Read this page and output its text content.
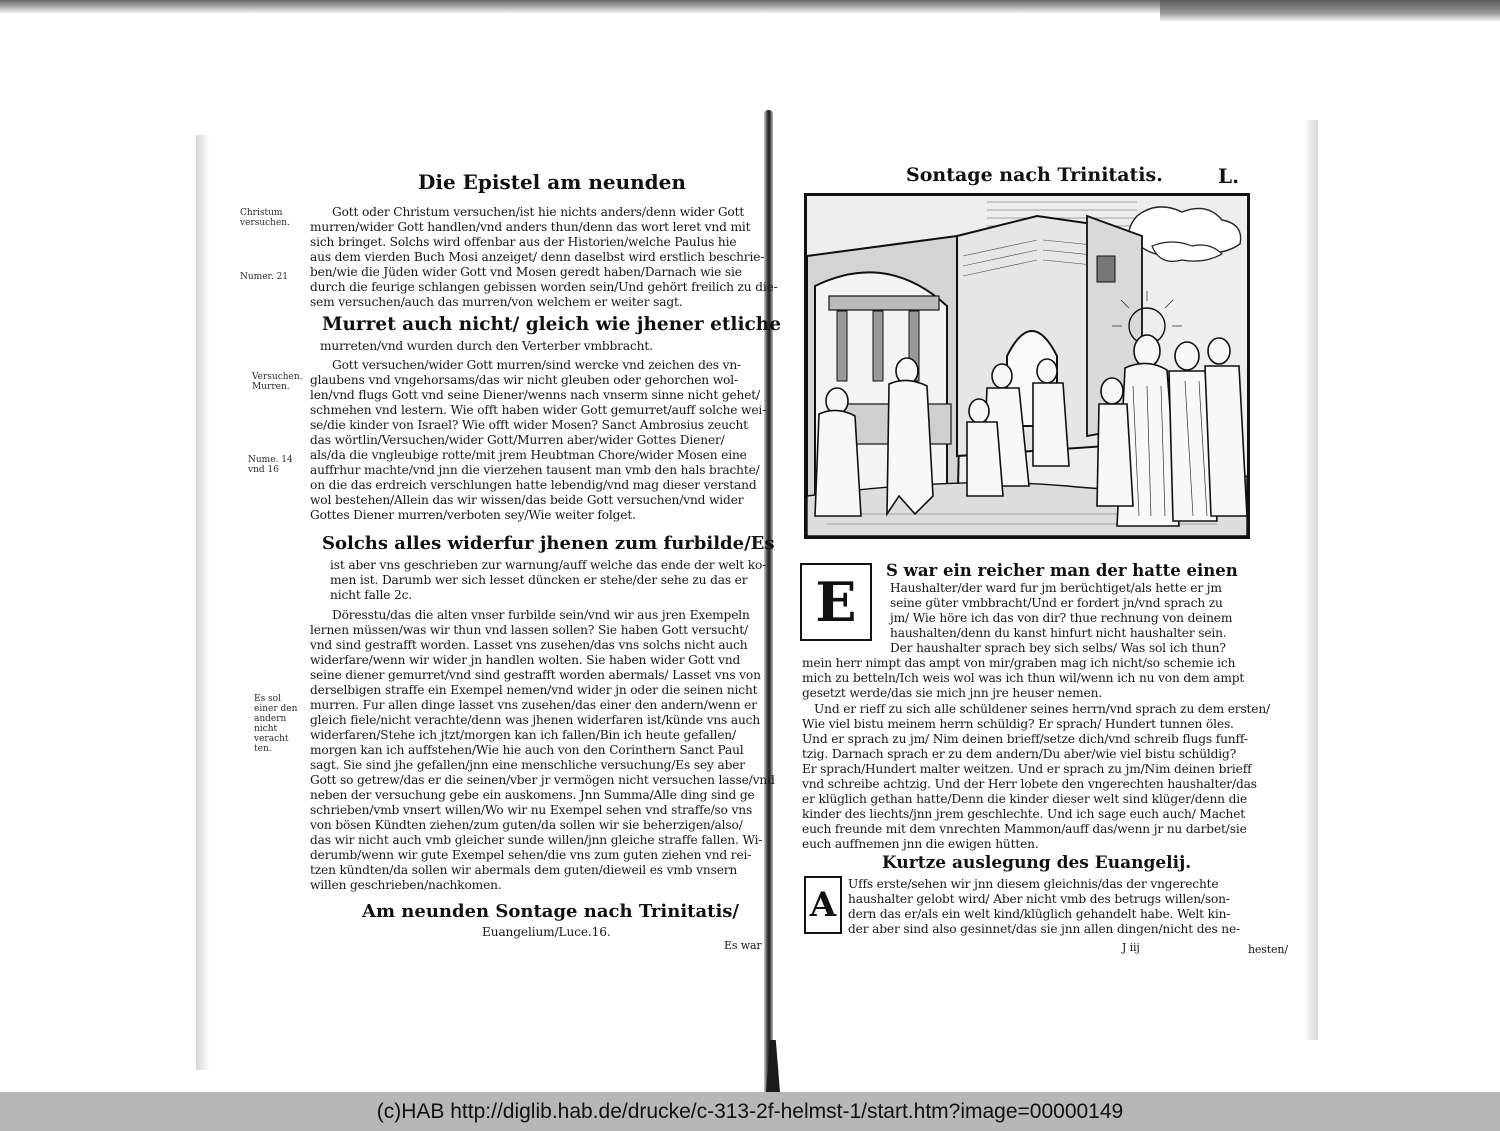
Die Epistel am neunden
Christum versuchen.
Numer. 21
Versuchen. Murren.
Nume. 14 vnd 16
Es sol einer den andern nicht veracht ten.
Gott oder Christum versuchen/ist hie nichts anders/denn wider Gott
murren/wider Gott handlen/vnd anders thun/denn das wort leret vnd mit
sich bringet. Solchs wird offenbar aus der Historien/welche Paulus hie
aus dem vierden Buch Mosi anzeiget/ denn daselbst wird erstlich beschrie-
ben/wie die Jüden wider Gott vnd Mosen geredt haben/Darnach wie sie
durch die feurige schlangen gebissen worden sein/Und gehört freilich zu die-
sem versuchen/auch das murren/von welchem er weiter sagt.
Murret auch nicht/ gleich wie jhener etliche
murreten/vnd wurden durch den Verterber vmbbracht.
Gott versuchen/wider Gott murren/sind wercke vnd zeichen des vn-
glaubens vnd vngehorsams/das wir nicht gleuben oder gehorchen wol-
len/vnd flugs Gott vnd seine Diener/wenns nach vnserm sinne nicht gehet/
schmehen vnd lestern. Wie offt haben wider Gott gemurret/auff solche wei-
se/die kinder von Israel? Wie offt wider Mosen? Sanct Ambrosius zeucht
das wörtlin/Versuchen/wider Gott/Murren aber/wider Gottes Diener/
als/da die vngleubige rotte/mit jrem Heubtman Chore/wider Mosen eine
auffrhur machte/vnd jnn die vierzehen tausent man vmb den hals brachte/
on die das erdreich verschlungen hatte lebendig/vnd mag dieser verstand
wol bestehen/Allein das wir wissen/das beide Gott versuchen/vnd wider
Gottes Diener murren/verboten sey/Wie weiter folget.
Solchs alles widerfur jhenen zum furbilde/Es
ist aber vns geschrieben zur warnung/auff welche das ende der welt ko-
men ist. Darumb wer sich lesset düncken er stehe/der sehe zu das er
nicht falle 2c.
Döresstu/das die alten vnser furbilde sein/vnd wir aus jren Exempeln
lernen müssen/was wir thun vnd lassen sollen? Sie haben Gott versucht/
vnd sind gestrafft worden. Lasset vns zusehen/das vns solchs nicht auch
widerfare/wenn wir wider jn handlen wolten. Sie haben wider Gott vnd
seine diener gemurret/vnd sind gestrafft worden abermals/ Lasset vns von
derselbigen straffe ein Exempel nemen/vnd wider jn oder die seinen nicht
murren. Fur allen dinge lasset vns zusehen/das einer den andern/wenn er
gleich fiele/nicht verachte/denn was jhenen widerfaren ist/künde vns auch
widerfaren/Stehe ich jtzt/morgen kan ich fallen/Bin ich heute gefallen/
morgen kan ich auffstehen/Wie hie auch von den Corinthern Sanct Paul
sagt. Sie sind jhe gefallen/jnn eine menschliche versuchung/Es sey aber
Gott so getrew/das er die seinen/vber jr vermögen nicht versuchen lasse/vnd
neben der versuchung gebe ein auskomens. Jnn Summa/Alle ding sind ge
schrieben/vmb vnsert willen/Wo wir nu Exempel sehen vnd straffe/so vns
von bösen Kündten ziehen/zum guten/da sollen wir sie beherzigen/also/
das wir nicht auch vmb gleicher sunde willen/jnn gleiche straffe fallen. Wi-
derumb/wenn wir gute Exempel sehen/die vns zum guten ziehen vnd rei-
tzen kündten/da sollen wir abermals dem guten/dieweil es vmb vnsern
willen geschrieben/nachkomen.
Am neunden Sontage nach Trinitatis/
Euangelium/Luce.16.
Es war
Sontage nach Trinitatis.	L.
E	S war ein reicher man der hatte einen
Haushalter/der ward fur jm berüchtiget/als hette er jm
seine güter vmbbracht/Und er fordert jn/vnd sprach zu
jm/ Wie höre ich das von dir? thue rechnung von deinem
haushalten/denn du kanst hinfurt nicht haushalter sein.
Der haushalter sprach bey sich selbs/ Was sol ich thun?
mein herr nimpt das ampt von mir/graben mag ich nicht/so schemie ich
mich zu betteln/Ich weis wol was ich thun wil/wenn ich nu von dem ampt
gesetzt werde/das sie mich jnn jre heuser nemen.
Und er rieff zu sich alle schüldener seines herrn/vnd sprach zu dem ersten/
Wie viel bistu meinem herrn schüldig? Er sprach/ Hundert tunnen öles.
Und er sprach zu jm/ Nim deinen brieff/setze dich/vnd schreib flugs funff-
tzig. Darnach sprach er zu dem andern/Du aber/wie viel bistu schüldig?
Er sprach/Hundert malter weitzen. Und er sprach zu jm/Nim deinen brieff
vnd schreibe achtzig. Und der Herr lobete den vngerechten haushalter/das
er klüglich gethan hatte/Denn die kinder dieser welt sind klüger/denn die
kinder des liechts/jnn jrem geschlechte. Und ich sage euch auch/ Machet
euch freunde mit dem vnrechten Mammon/auff das/wenn jr nu darbet/sie
euch auffnemen jnn die ewigen hütten.
Kurtze auslegung des Euangelij.
A
Uffs erste/sehen wir jnn diesem gleichnis/das der vngerechte
haushalter gelobt wird/ Aber nicht vmb des betrugs willen/son-
dern das er/als ein welt kind/klüglich gehandelt habe. Welt kin-
der aber sind also gesinnet/das sie jnn allen dingen/nicht des ne-
J iij	hesten/
(c)HAB http://diglib.hab.de/drucke/c-313-2f-helmst-1/start.htm?image=00000149
